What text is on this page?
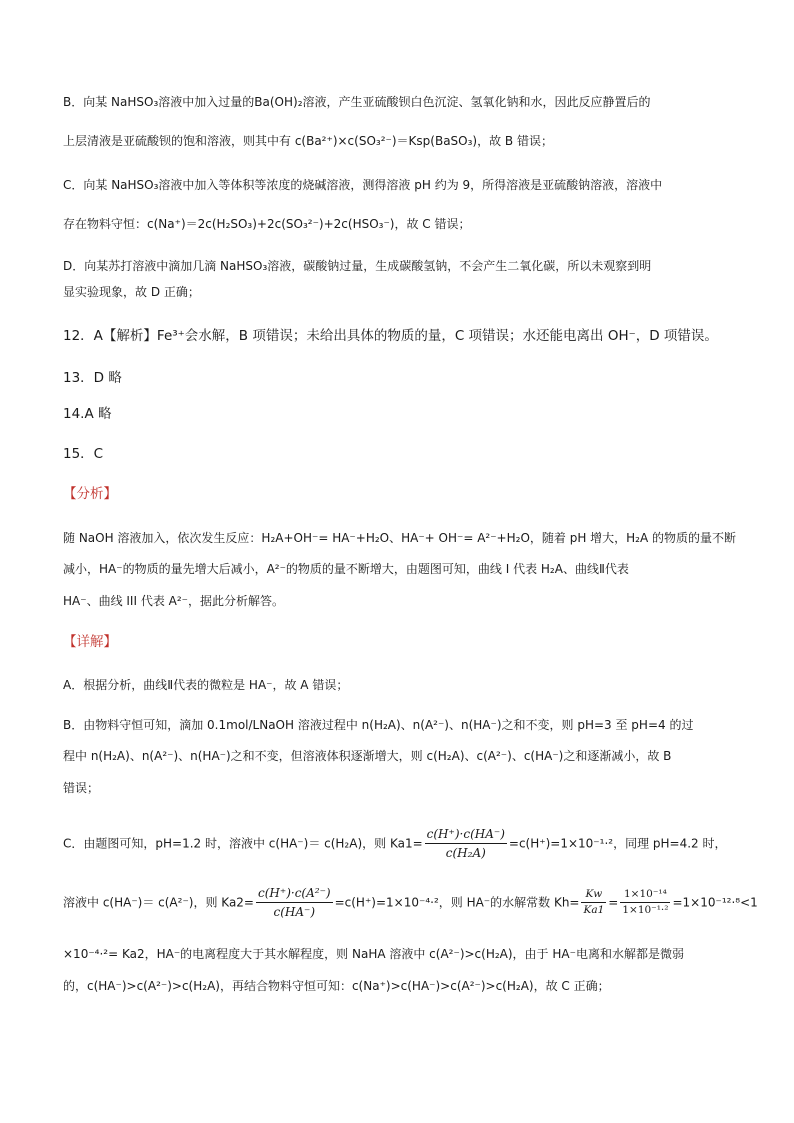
B．向某 NaHSO₃溶液中加入过量的Ba(OH)₂溶液，产生亚硫酸钡白色沉淀、氢氧化钠和水，因此反应静置后的
上层清液是亚硫酸钡的饱和溶液，则其中有 c(Ba²⁺)×c(SO₃²⁻)＝Ksp(BaSO₃)，故 B 错误；
C．向某 NaHSO₃溶液中加入等体积等浓度的烧碱溶液，测得溶液 pH 约为 9，所得溶液是亚硫酸钠溶液，溶液中
存在物料守恒：c(Na⁺)＝2c(H₂SO₃)+2c(SO₃²⁻)+2c(HSO₃⁻)，故 C 错误；
D．向某苏打溶液中滴加几滴 NaHSO₃溶液，碳酸钠过量，生成碳酸氢钠，不会产生二氧化碳，所以未观察到明
显实验现象，故 D 正确；
12．A【解析】Fe³⁺会水解，B 项错误；未给出具体的物质的量，C 项错误；水还能电离出 OH⁻，D 项错误。
13．D 略
14.A 略
15．C
【分析】
随 NaOH 溶液加入，依次发生反应：H₂A+OH⁻= HA⁻+H₂O、HA⁻+ OH⁻= A²⁻+H₂O，随着 pH 增大，H₂A 的物质的量不断
减小，HA⁻的物质的量先增大后减小，A²⁻的物质的量不断增大，由题图可知，曲线 I 代表 H₂A、曲线Ⅱ代表
HA⁻、曲线 III 代表 A²⁻，据此分析解答。
【详解】
A．根据分析，曲线Ⅱ代表的微粒是 HA⁻，故 A 错误；
B．由物料守恒可知，滴加 0.1mol/LNaOH 溶液过程中 n(H₂A)、n(A²⁻)、n(HA⁻)之和不变，则 pH=3 至 pH=4 的过
程中 n(H₂A)、n(A²⁻)、n(HA⁻)之和不变，但溶液体积逐渐增大，则 c(H₂A)、c(A²⁻)、c(HA⁻)之和逐渐减小，故 B
错误；
C．由题图可知，pH=1.2 时，溶液中 c(HA⁻)＝ c(H₂A)，则 $Ka1= \frac{c(H^+)\cdot c(HA^-)}{\text{c(H₂A)}} =c(H^+)=1\times 10^{-1}\cdot^2$，同理 pH=4.2 时，
溶液中 c(HA⁻)＝ c(A²⁻)，则 $Ka2= \frac{\text{c(H⁺)·c(A²⁻)}}{c(HA^-)} =c(H^+)=1\times 10^{-4}\cdot^2$，则 HA⁻的水解常数 $Kh= \frac{Kw}{Ka1} = \frac{\text{1×10⁻¹⁴}}{\text{1×10⁻¹·²}} =1\times 10^{-12}\cdot^8<1$
×10⁻⁴·²= Ka2，HA⁻的电离程度大于其水解程度，则 NaHA 溶液中 c(A²⁻)>c(H₂A)，由于 HA⁻电离和水解都是微弱
的，c(HA⁻)>c(A²⁻)>c(H₂A)，再结合物料守恒可知：c(Na⁺)>c(HA⁻)>c(A²⁻)>c(H₂A)，故 C 正确；
